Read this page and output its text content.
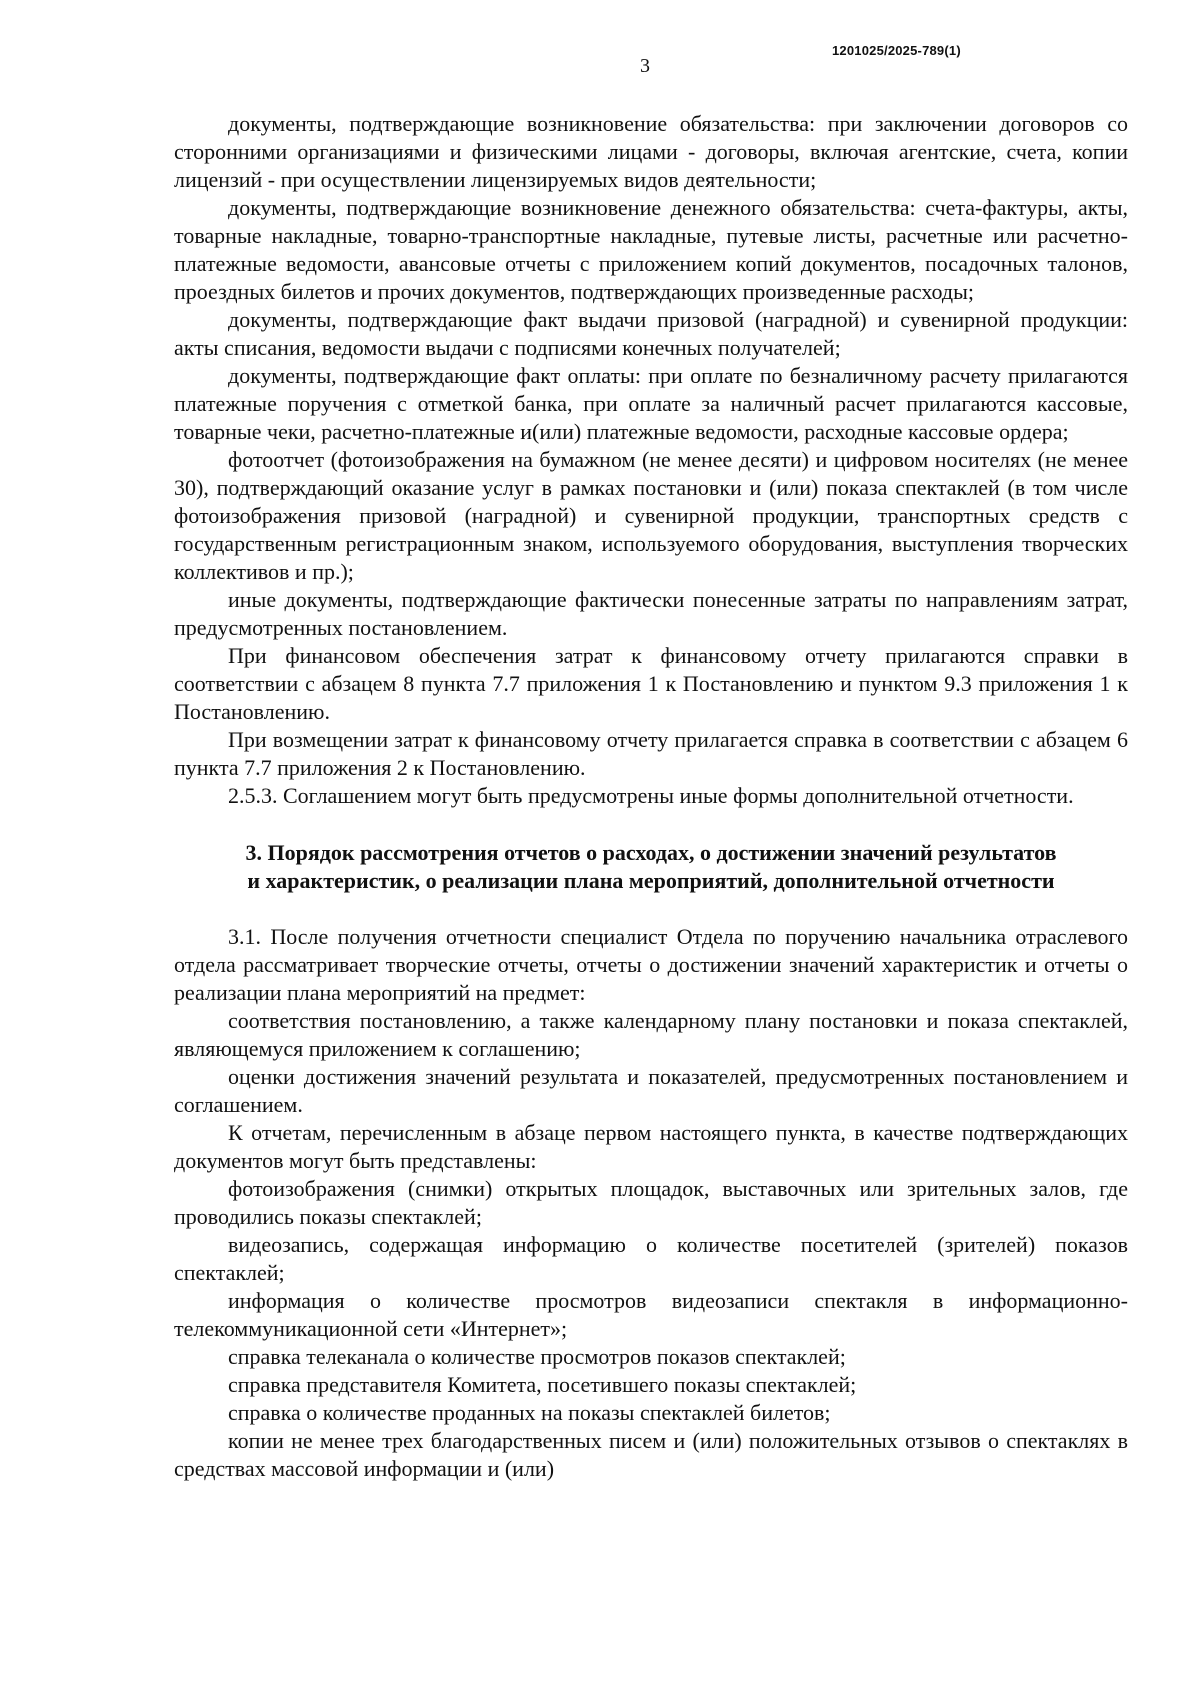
3
1201025/2025-789(1)

документы, подтверждающие возникновение обязательства: при заключении договоров со сторонними организациями и физическими лицами - договоры, включая агентские, счета, копии лицензий - при осуществлении лицензируемых видов деятельности;

документы, подтверждающие возникновение денежного обязательства: счета-фактуры, акты, товарные накладные, товарно-транспортные накладные, путевые листы, расчетные или расчетно-платежные ведомости, авансовые отчеты с приложением копий документов, посадочных талонов, проездных билетов и прочих документов, подтверждающих произведенные расходы;

документы, подтверждающие факт выдачи призовой (наградной) и сувенирной продукции: акты списания, ведомости выдачи с подписями конечных получателей;

документы, подтверждающие факт оплаты: при оплате по безналичному расчету прилагаются платежные поручения с отметкой банка, при оплате за наличный расчет прилагаются кассовые, товарные чеки, расчетно-платежные и(или) платежные ведомости, расходные кассовые ордера;

фотоотчет (фотоизображения на бумажном (не менее десяти) и цифровом носителях (не менее 30), подтверждающий оказание услуг в рамках постановки и (или) показа спектаклей (в том числе фотоизображения призовой (наградной) и сувенирной продукции, транспортных средств с государственным регистрационным знаком, используемого оборудования, выступления творческих коллективов и пр.);

иные документы, подтверждающие фактически понесенные затраты по направлениям затрат, предусмотренных постановлением.

При финансовом обеспечения затрат к финансовому отчету прилагаются справки в соответствии с абзацем 8 пункта 7.7 приложения 1 к Постановлению и пунктом 9.3 приложения 1 к Постановлению.

При возмещении затрат к финансовому отчету прилагается справка в соответствии с абзацем 6 пункта 7.7 приложения 2 к Постановлению.

2.5.3. Соглашением могут быть предусмотрены иные формы дополнительной отчетности.

3. Порядок рассмотрения отчетов о расходах, о достижении значений результатов
и характеристик, о реализации плана мероприятий, дополнительной отчетности

3.1. После получения отчетности специалист Отдела по поручению начальника отраслевого отдела рассматривает творческие отчеты, отчеты о достижении значений характеристик и отчеты о реализации плана мероприятий на предмет:

соответствия постановлению, а также календарному плану постановки и показа спектаклей, являющемуся приложением к соглашению;

оценки достижения значений результата и показателей, предусмотренных постановлением и соглашением.

К отчетам, перечисленным в абзаце первом настоящего пункта, в качестве подтверждающих документов могут быть представлены:

фотоизображения (снимки) открытых площадок, выставочных или зрительных залов, где проводились показы спектаклей;

видеозапись, содержащая информацию о количестве посетителей (зрителей) показов спектаклей;

информация о количестве просмотров видеозаписи спектакля в информационно-телекоммуникационной сети «Интернет»;

справка телеканала о количестве просмотров показов спектаклей;

справка представителя Комитета, посетившего показы спектаклей;

справка о количестве проданных на показы спектаклей билетов;

копии не менее трех благодарственных писем и (или) положительных отзывов о спектаклях в средствах массовой информации и (или)
